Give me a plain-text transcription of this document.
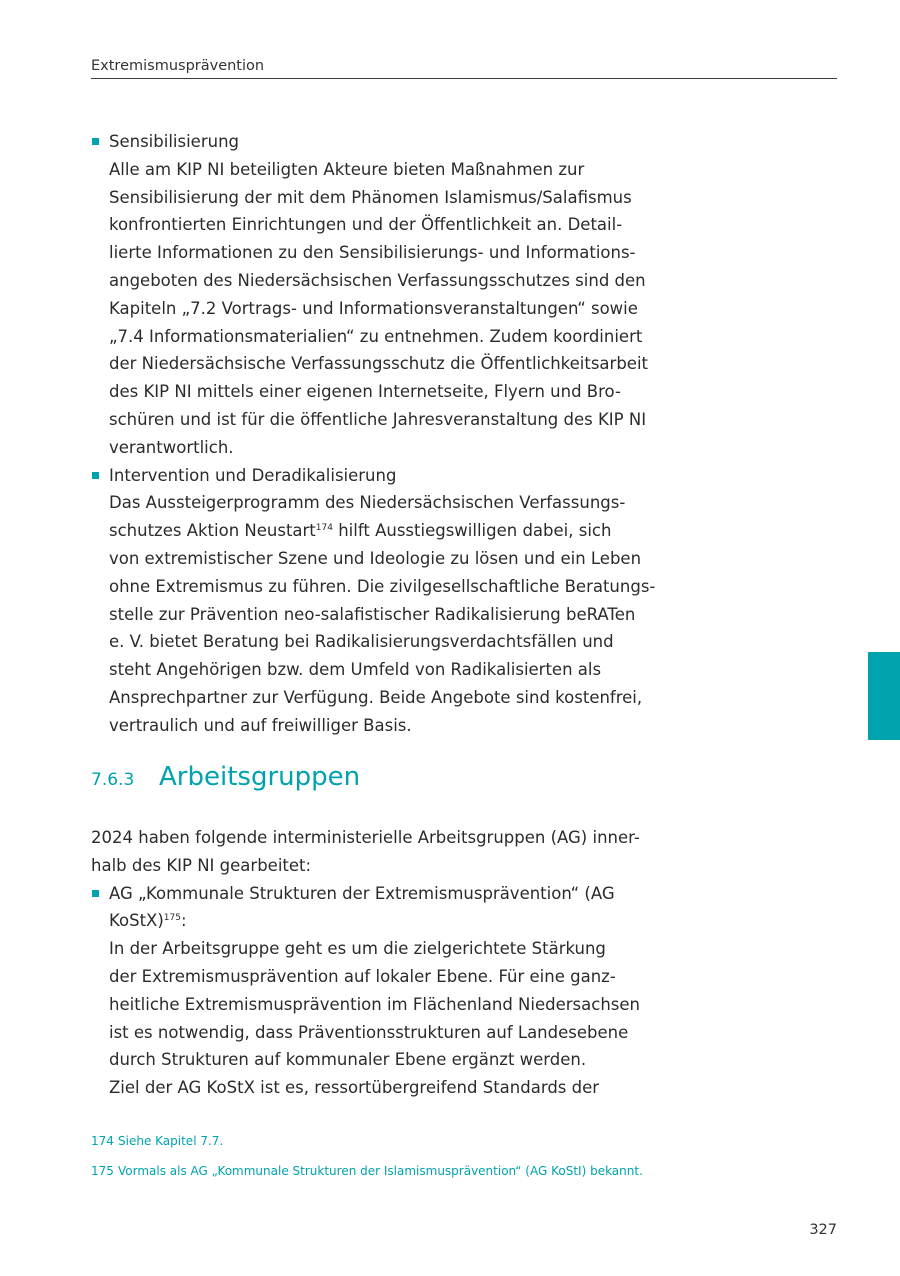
Extremismusprävention
Sensibilisierung
Alle am KIP NI beteiligten Akteure bieten Maßnahmen zur
Sensibilisierung der mit dem Phänomen Islamismus/Salafismus
konfrontierten Einrichtungen und der Öffentlichkeit an. Detail-
lierte Informationen zu den Sensibilisierungs- und Informations-
angeboten des Niedersächsischen Verfassungsschutzes sind den
Kapiteln „7.2 Vortrags- und Informationsveranstaltungen“ sowie
„7.4 Informationsmaterialien“ zu entnehmen. Zudem koordiniert
der Niedersächsische Verfassungsschutz die Öffentlichkeitsarbeit
des KIP NI mittels einer eigenen Internetseite, Flyern und Bro-
schüren und ist für die öffentliche Jahresveranstaltung des KIP NI
verantwortlich.
Intervention und Deradikalisierung
Das Aussteigerprogramm des Niedersächsischen Verfassungs-
schutzes Aktion Neustart$^{174}$ hilft Ausstiegswilligen dabei, sich
von extremistischer Szene und Ideologie zu lösen und ein Leben
ohne Extremismus zu führen. Die zivilgesellschaftliche Beratungs-
stelle zur Prävention neo-salafistischer Radikalisierung beRATen
e. V. bietet Beratung bei Radikalisierungsverdachtsfällen und
steht Angehörigen bzw. dem Umfeld von Radikalisierten als
Ansprechpartner zur Verfügung. Beide Angebote sind kostenfrei,
vertraulich und auf freiwilliger Basis.
7.6.3 Arbeitsgruppen
2024 haben folgende interministerielle Arbeitsgruppen (AG) inner-
halb des KIP NI gearbeitet:
AG „Kommunale Strukturen der Extremismusprävention“ (AG
KoStX)$^{175}$:
In der Arbeitsgruppe geht es um die zielgerichtete Stärkung
der Extremismusprävention auf lokaler Ebene. Für eine ganz-
heitliche Extremismusprävention im Flächenland Niedersachsen
ist es notwendig, dass Präventionsstrukturen auf Landesebene
durch Strukturen auf kommunaler Ebene ergänzt werden.
Ziel der AG KoStX ist es, ressortübergreifend Standards der
174 Siehe Kapitel 7.7.
175 Vormals als AG „Kommunale Strukturen der Islamismusprävention“ (AG KoStI) bekannt.
327
